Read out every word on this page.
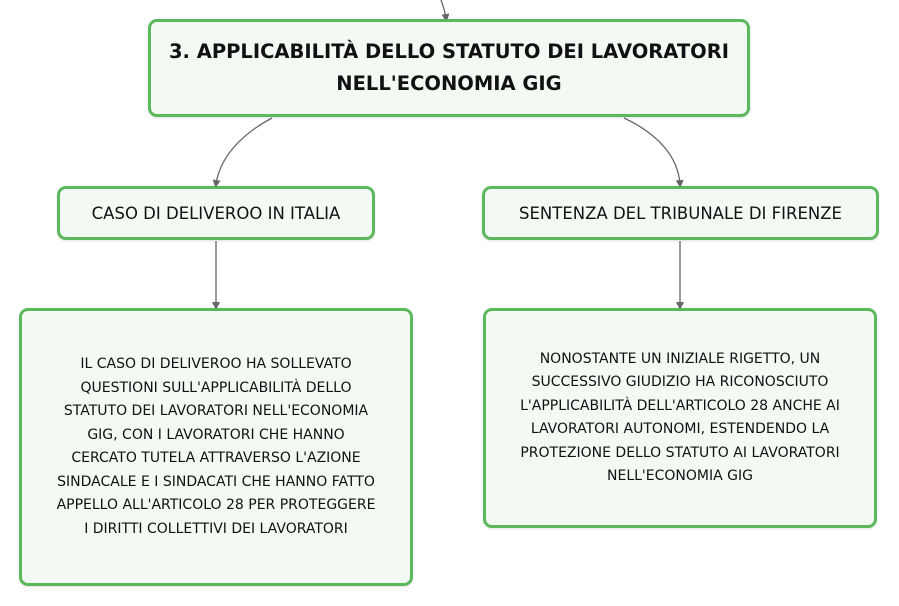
3. APPLICABILITÀ DELLO STATUTO DEI LAVORATORI
NELL'ECONOMIA GIG
CASO DI DELIVEROO IN ITALIA	SENTENZA DEL TRIBUNALE DI FIRENZE
IL CASO DI DELIVEROO HA SOLLEVATO
QUESTIONI SULL'APPLICABILITÀ DELLO
STATUTO DEI LAVORATORI NELL'ECONOMIA
GIG, CON I LAVORATORI CHE HANNO
CERCATO TUTELA ATTRAVERSO L'AZIONE
SINDACALE E I SINDACATI CHE HANNO FATTO
APPELLO ALL'ARTICOLO 28 PER PROTEGGERE
I DIRITTI COLLETTIVI DEI LAVORATORI
NONOSTANTE UN INIZIALE RIGETTO, UN
SUCCESSIVO GIUDIZIO HA RICONOSCIUTO
L'APPLICABILITÀ DELL'ARTICOLO 28 ANCHE AI
LAVORATORI AUTONOMI, ESTENDENDO LA
PROTEZIONE DELLO STATUTO AI LAVORATORI
NELL'ECONOMIA GIG
